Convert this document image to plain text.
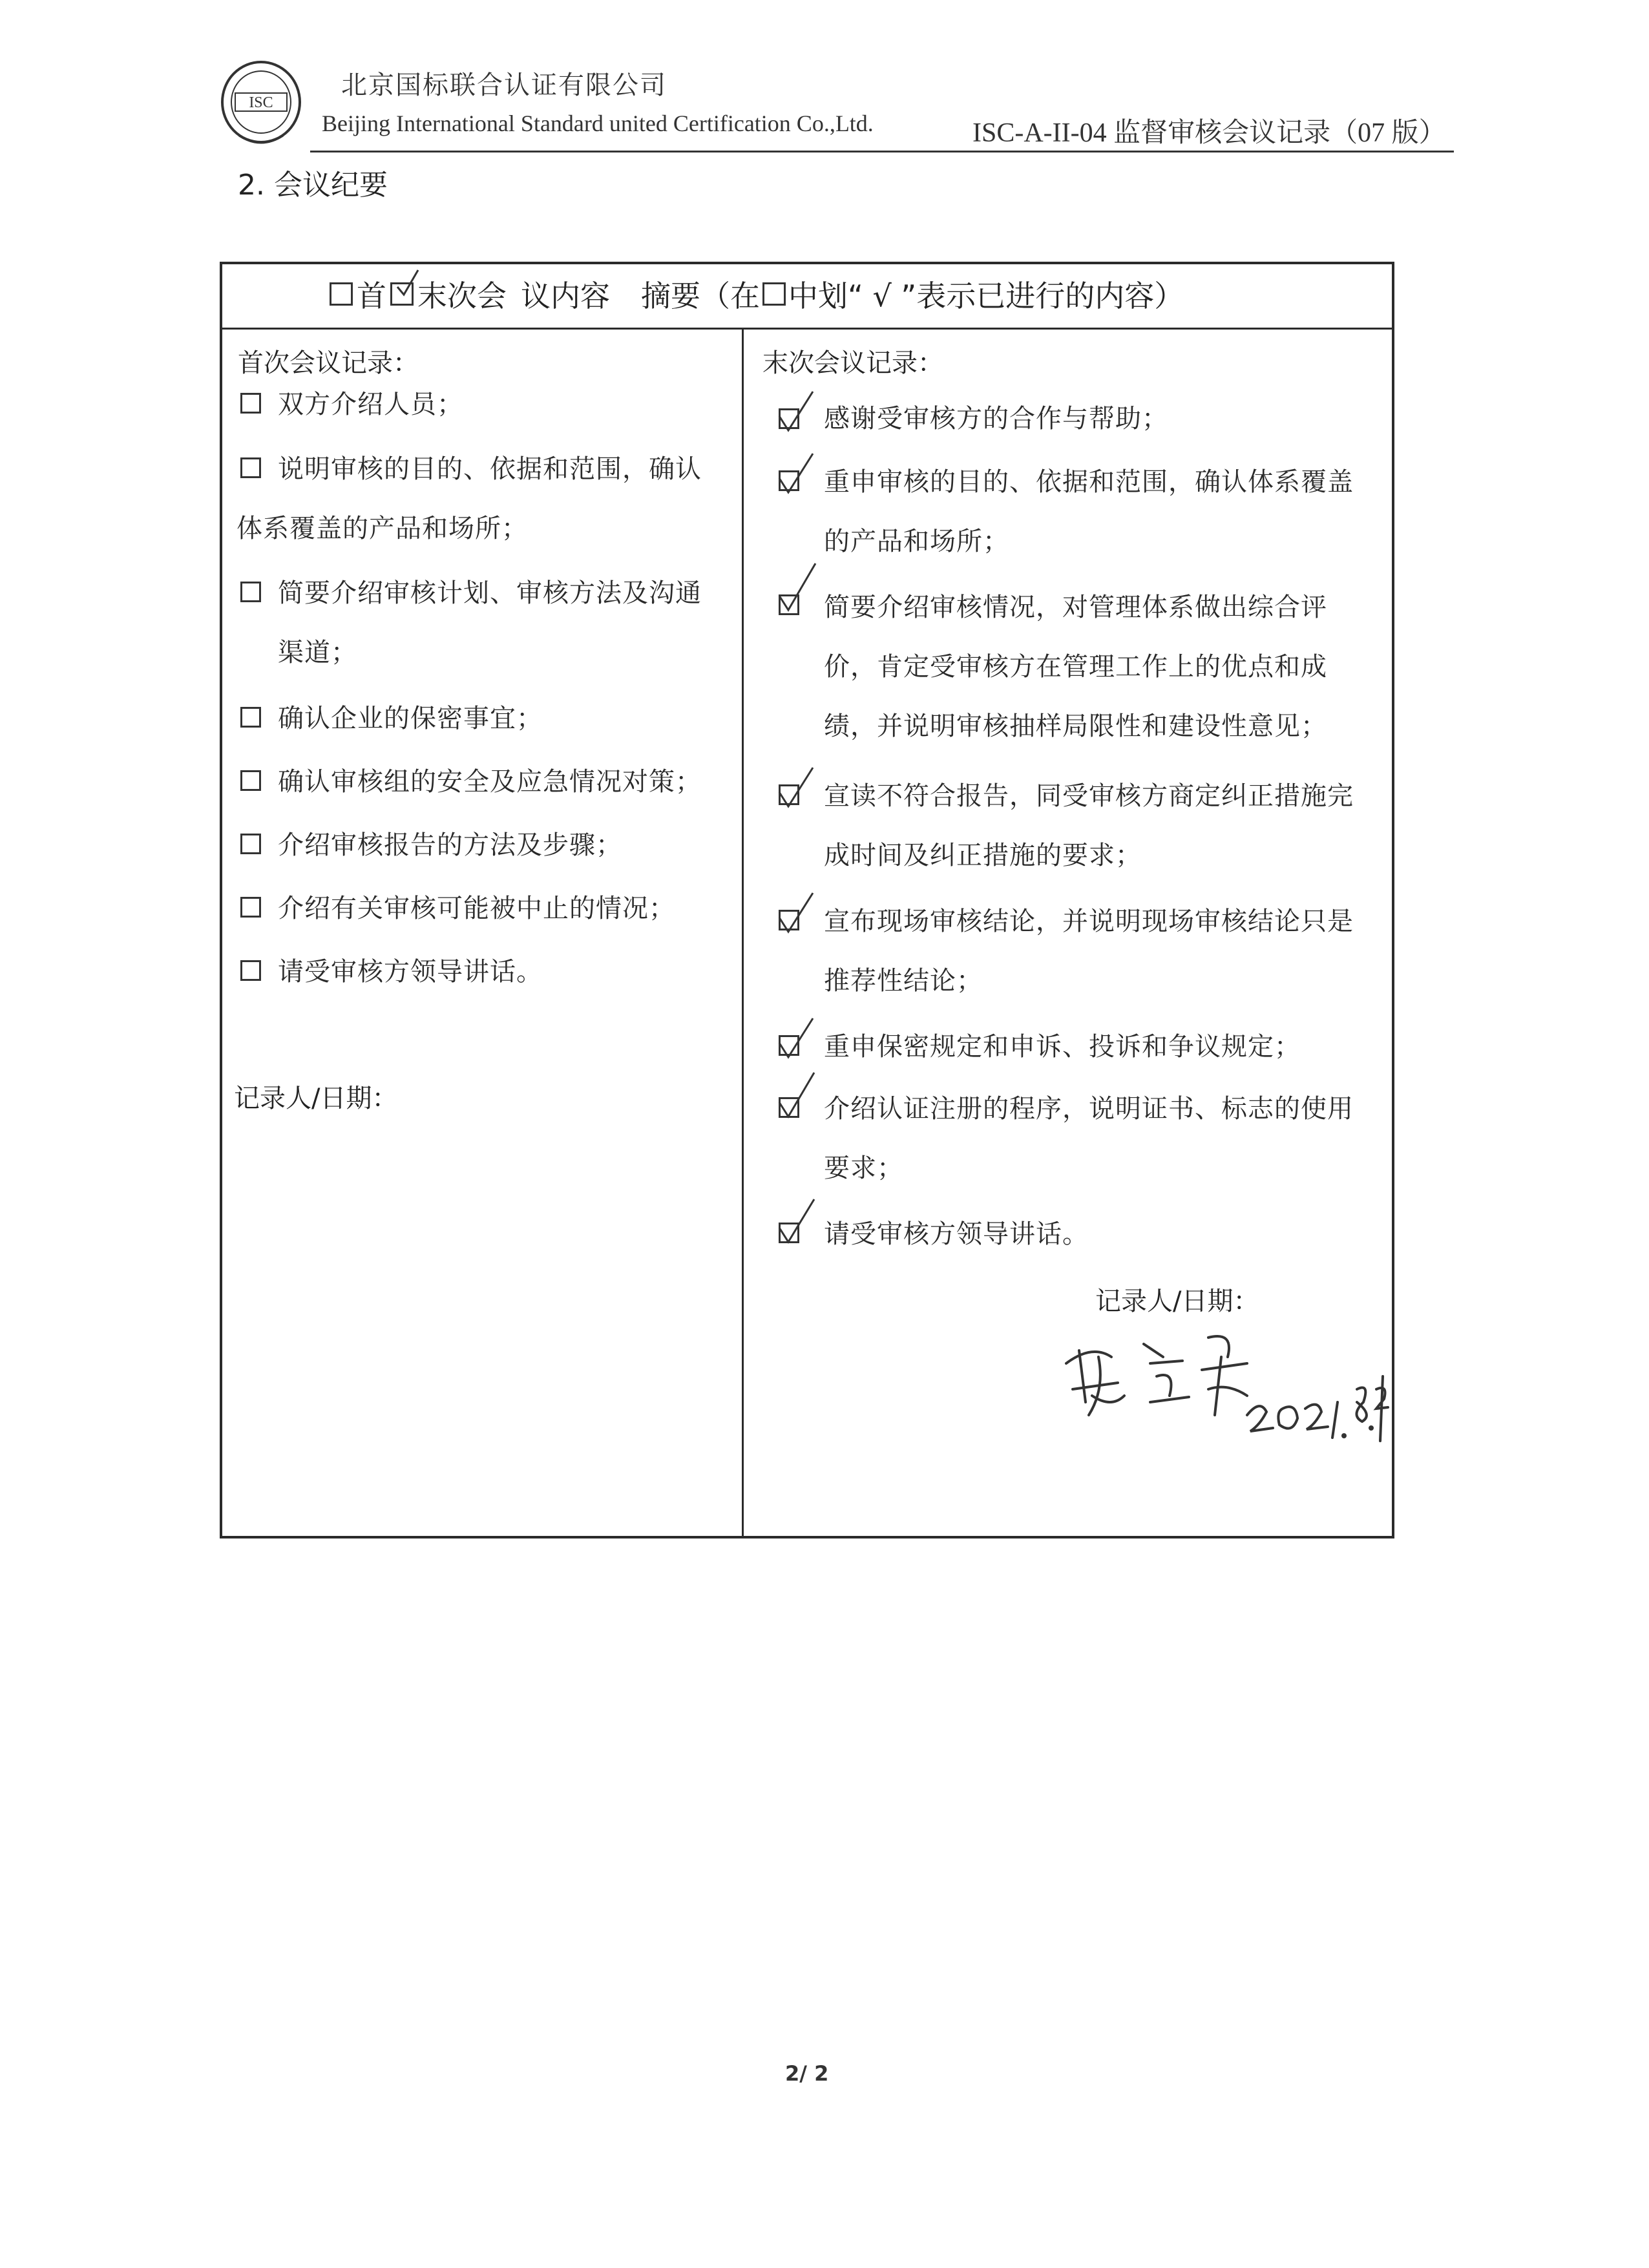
ISC
北京国标联合认证有限公司
Beijing International Standard united Certification Co.,Ltd.	ISC-A-II-04 监督审核会议记录（07 版）
2. 会议纪要
首 末次会 议内容 摘要（在 中划“ √ ”表示已进行的内容）
首次会议记录：
双方介绍人员；
说明审核的目的、依据和范围，确认
体系覆盖的产品和场所；
简要介绍审核计划、审核方法及沟通
渠道；
确认企业的保密事宜；
确认审核组的安全及应急情况对策；
介绍审核报告的方法及步骤；
介绍有关审核可能被中止的情况；
请受审核方领导讲话。
记录人/日期：
末次会议记录：
感谢受审核方的合作与帮助；
重申审核的目的、依据和范围，确认体系覆盖
的产品和场所；
简要介绍审核情况，对管理体系做出综合评
价，肯定受审核方在管理工作上的优点和成
绩，并说明审核抽样局限性和建设性意见；
宣读不符合报告，同受审核方商定纠正措施完
成时间及纠正措施的要求；
宣布现场审核结论，并说明现场审核结论只是
推荐性结论；
重申保密规定和申诉、投诉和争议规定；
介绍认证注册的程序，说明证书、标志的使用
要求；
请受审核方领导讲话。
记录人/日期：
2/ 2
